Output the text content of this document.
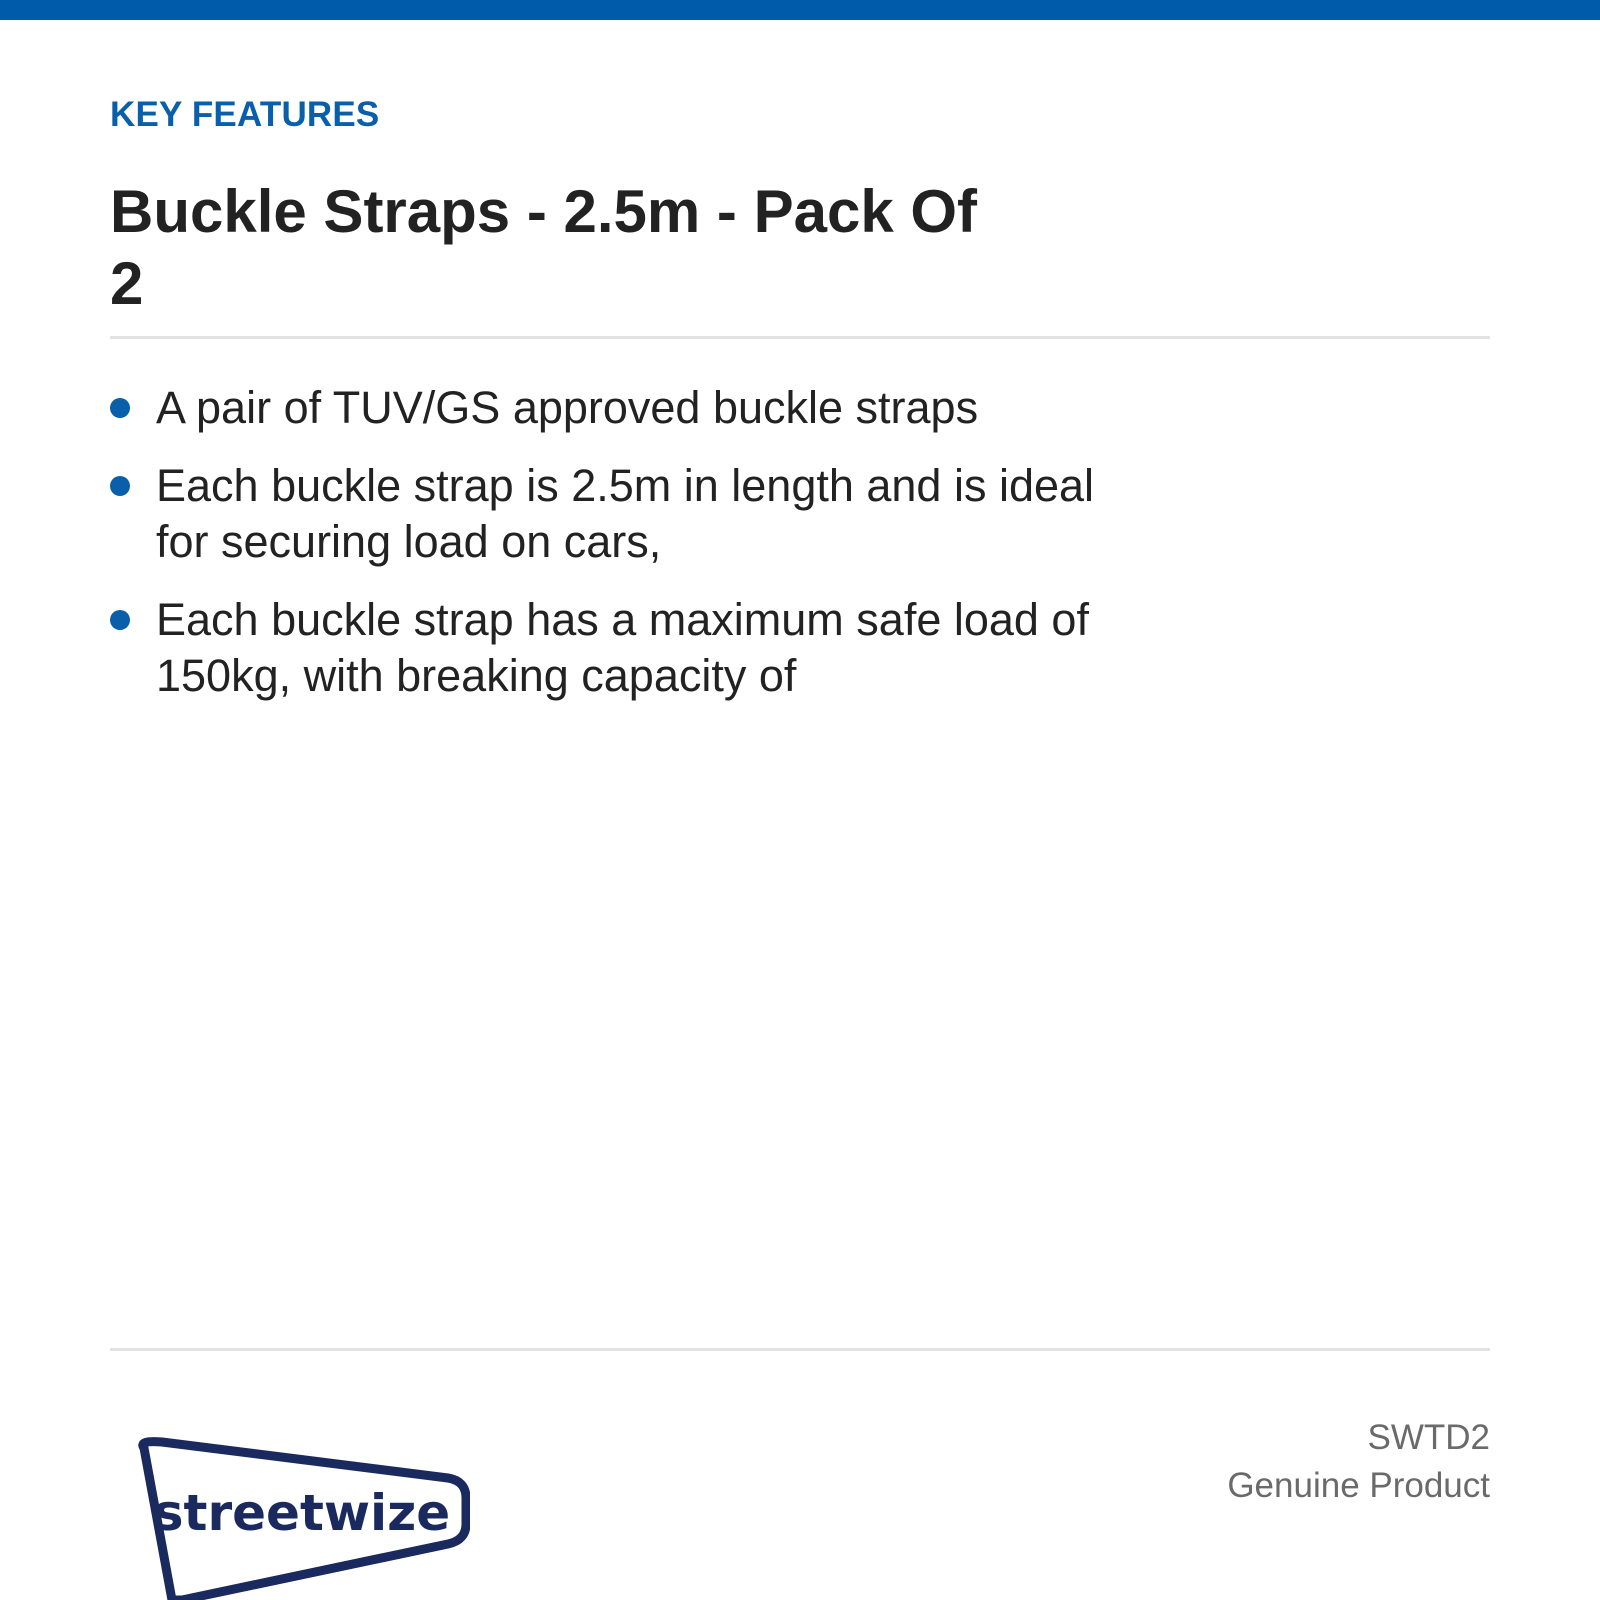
KEY FEATURES
Buckle Straps - 2.5m - Pack Of 2
A pair of TUV/GS approved buckle straps
Each buckle strap is 2.5m in length and is ideal for securing load on cars,
Each buckle strap has a maximum safe load of 150kg, with breaking capacity of
streetwize
SWTD2
Genuine Product
